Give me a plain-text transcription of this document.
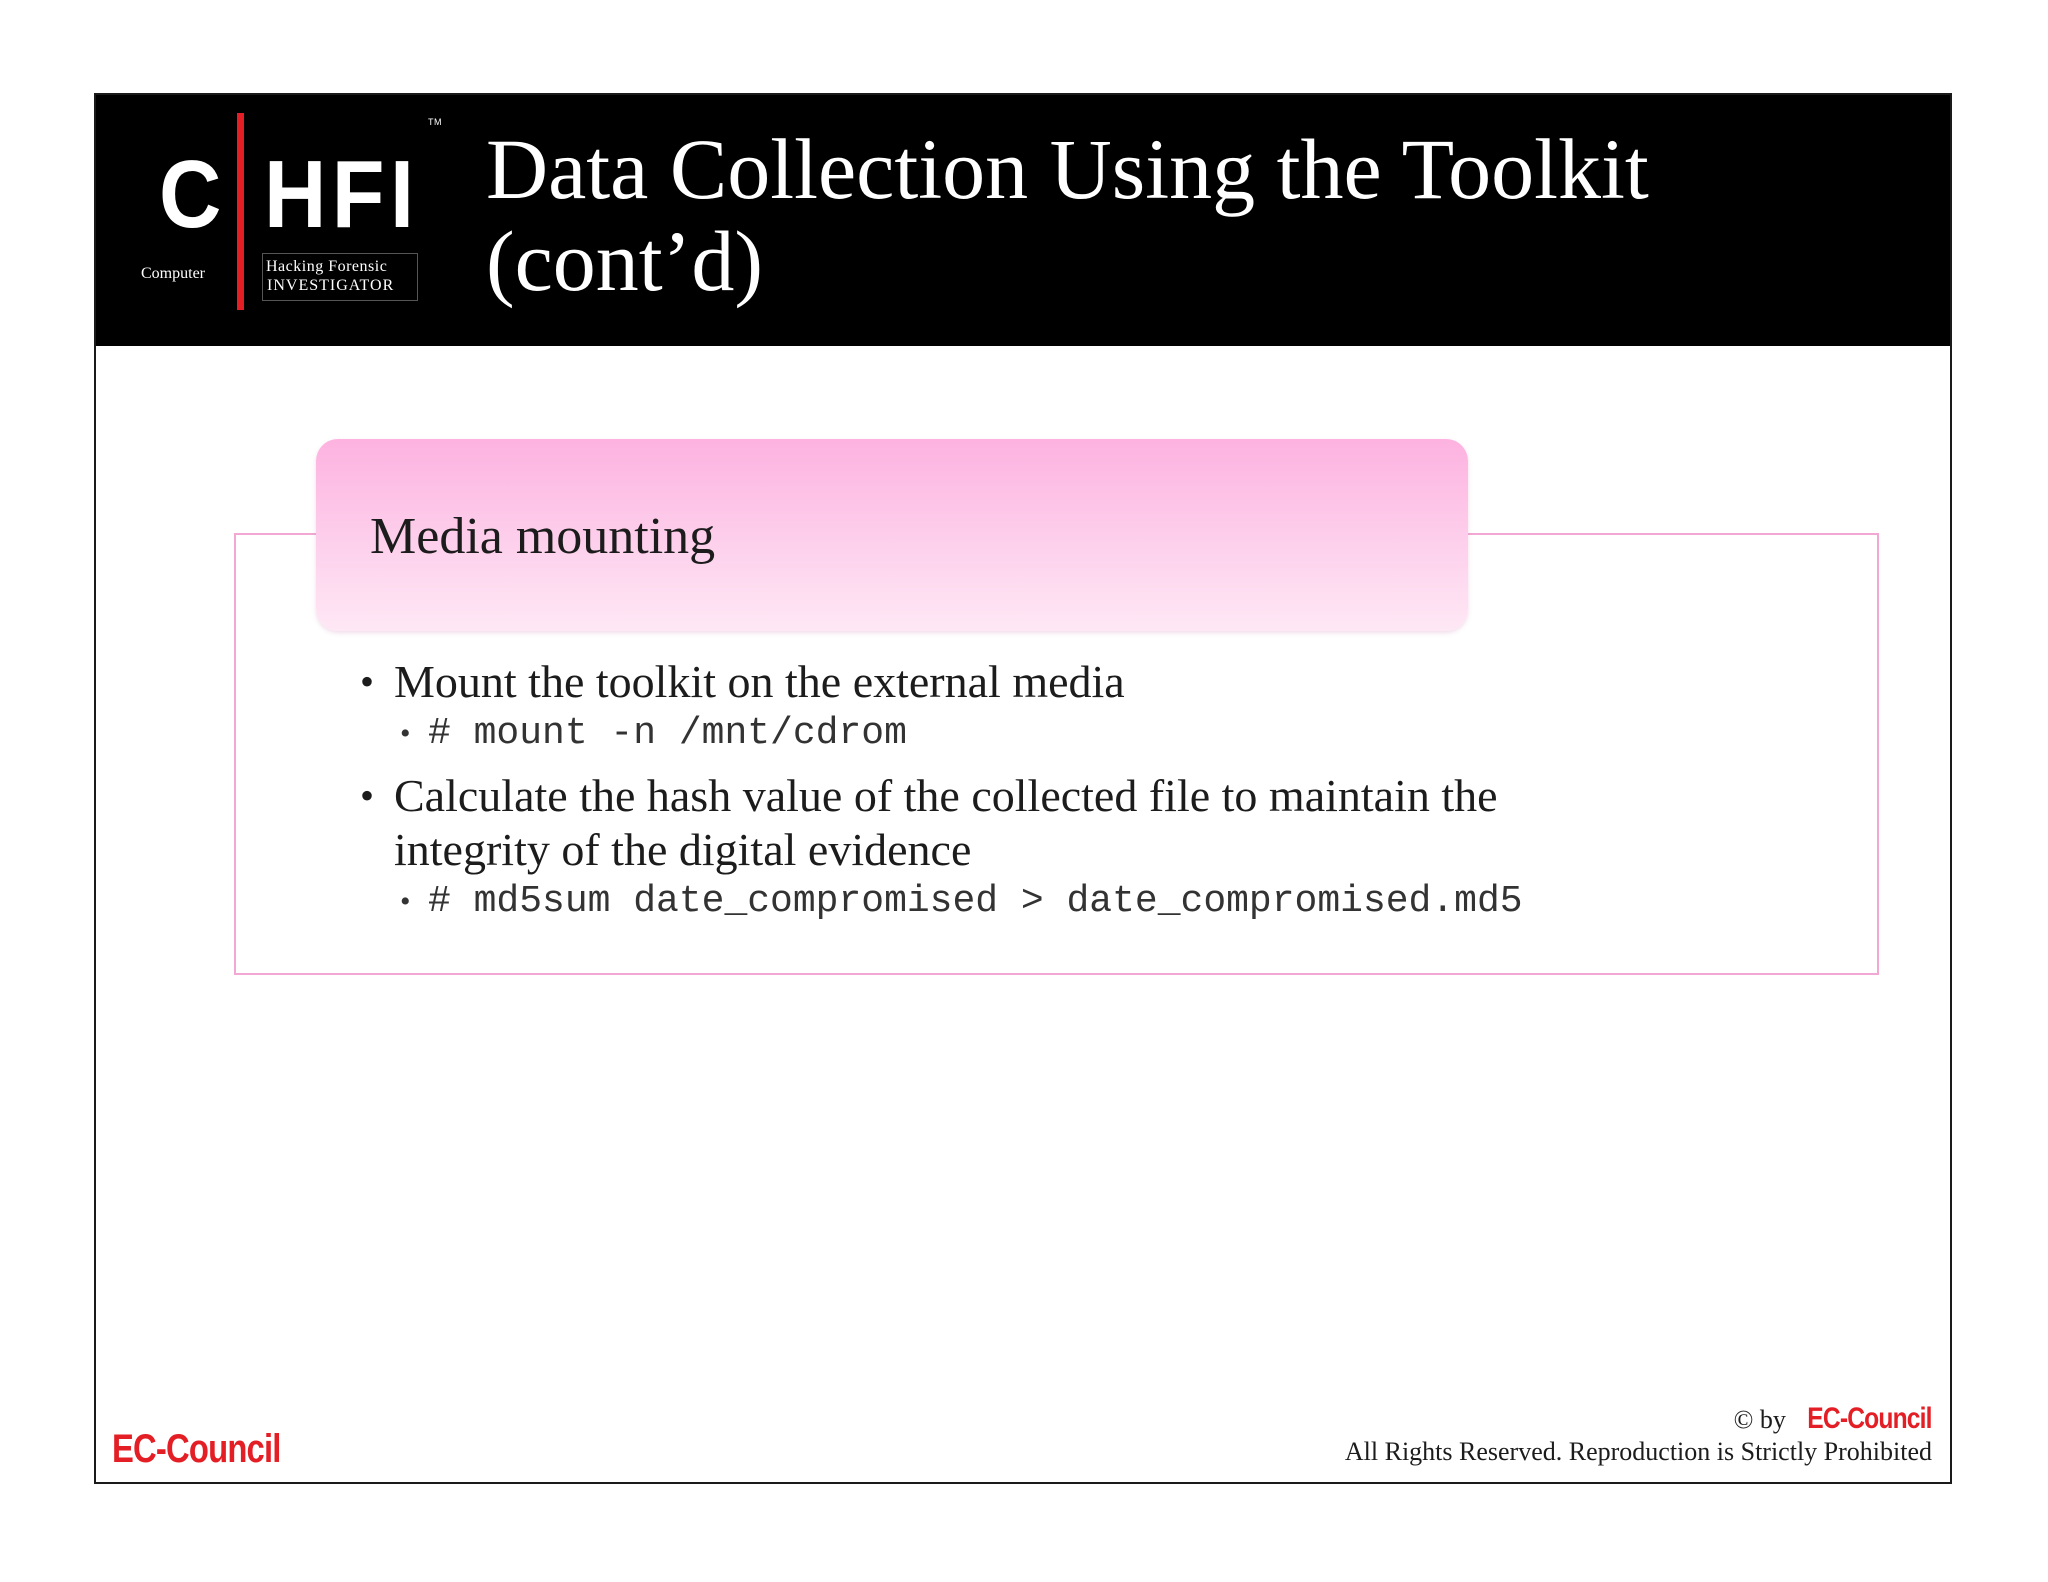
TM
C HFI
Computer	Hacking Forensic
INVESTIGATOR
Data Collection Using the Toolkit
(cont’d)
Media mounting
• Mount the toolkit on the external media
• # mount -n /mnt/cdrom
• Calculate the hash value of the collected file to maintain the
integrity of the digital evidence
• # md5sum date_compromised > date_compromised.md5
EC-Council
© by EC-Council
All Rights Reserved. Reproduction is Strictly Prohibited
